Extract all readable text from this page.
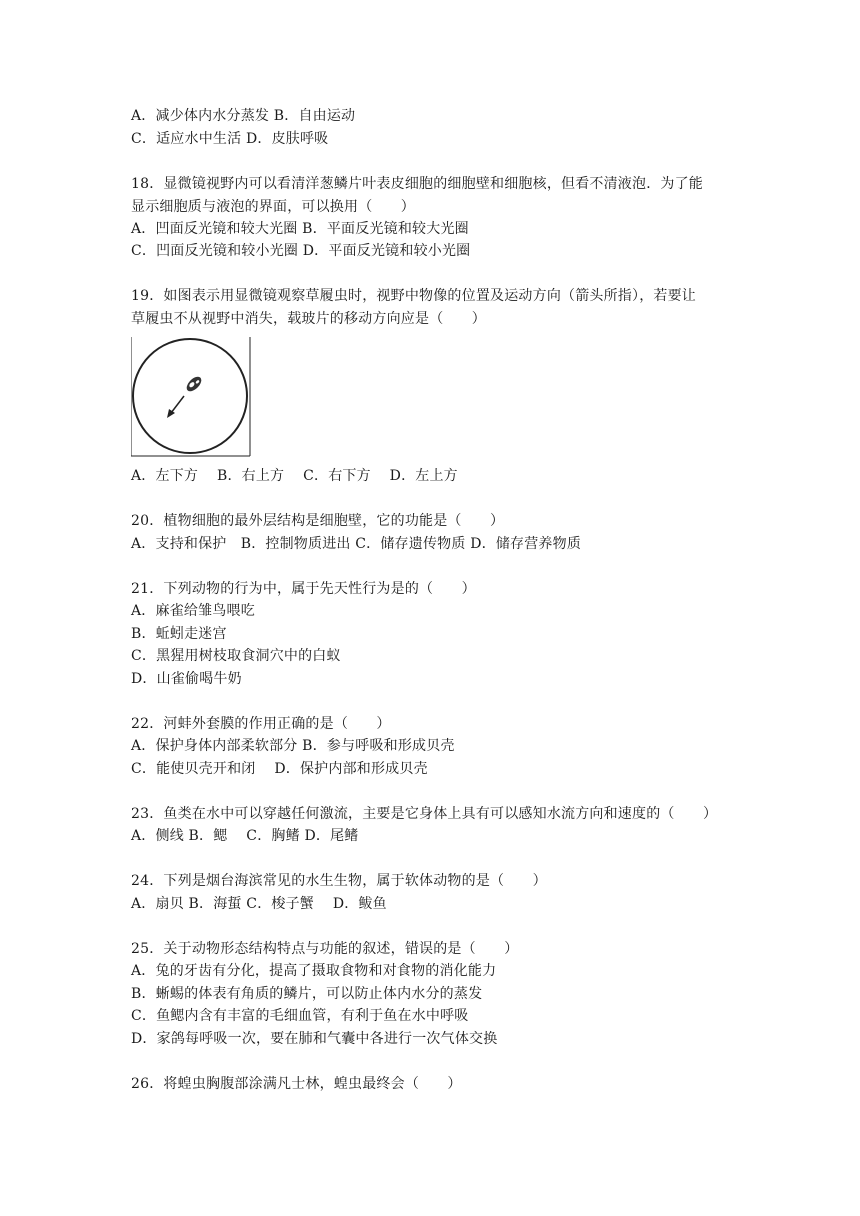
A．减少体内水分蒸发 B．自由运动
C．适应水中生活 D．皮肤呼吸
18．显微镜视野内可以看清洋葱鳞片叶表皮细胞的细胞壁和细胞核，但看不清液泡．为了能
显示细胞质与液泡的界面，可以换用（　　）
A．凹面反光镜和较大光圈 B．平面反光镜和较大光圈
C．凹面反光镜和较小光圈 D．平面反光镜和较小光圈
19．如图表示用显微镜观察草履虫时，视野中物像的位置及运动方向（箭头所指），若要让
草履虫不从视野中消失，载玻片的移动方向应是（　　）
A．左下方　 B．右上方　 C．右下方　 D．左上方
20．植物细胞的最外层结构是细胞壁，它的功能是（　　）
A．支持和保护　B．控制物质进出 C．储存遗传物质 D．储存营养物质
21．下列动物的行为中，属于先天性行为是的（　　）
A．麻雀给雏鸟喂吃
B．蚯蚓走迷宫
C．黑猩用树枝取食洞穴中的白蚁
D．山雀偷喝牛奶
22．河蚌外套膜的作用正确的是（　　）
A．保护身体内部柔软部分 B．参与呼吸和形成贝壳
C．能使贝壳开和闭　 D．保护内部和形成贝壳
23．鱼类在水中可以穿越任何激流，主要是它身体上具有可以感知水流方向和速度的（　　）
A．侧线 B．鳃　 C．胸鳍 D．尾鳍
24．下列是烟台海滨常见的水生生物，属于软体动物的是（　　）
A．扇贝 B．海蜇 C．梭子蟹　 D．鲅鱼
25．关于动物形态结构特点与功能的叙述，错误的是（　　）
A．兔的牙齿有分化，提高了摄取食物和对食物的消化能力
B．蜥蜴的体表有角质的鳞片，可以防止体内水分的蒸发
C．鱼鳃内含有丰富的毛细血管，有利于鱼在水中呼吸
D．家鸽每呼吸一次，要在肺和气囊中各进行一次气体交换
26．将蝗虫胸腹部涂满凡士林，蝗虫最终会（　　）
